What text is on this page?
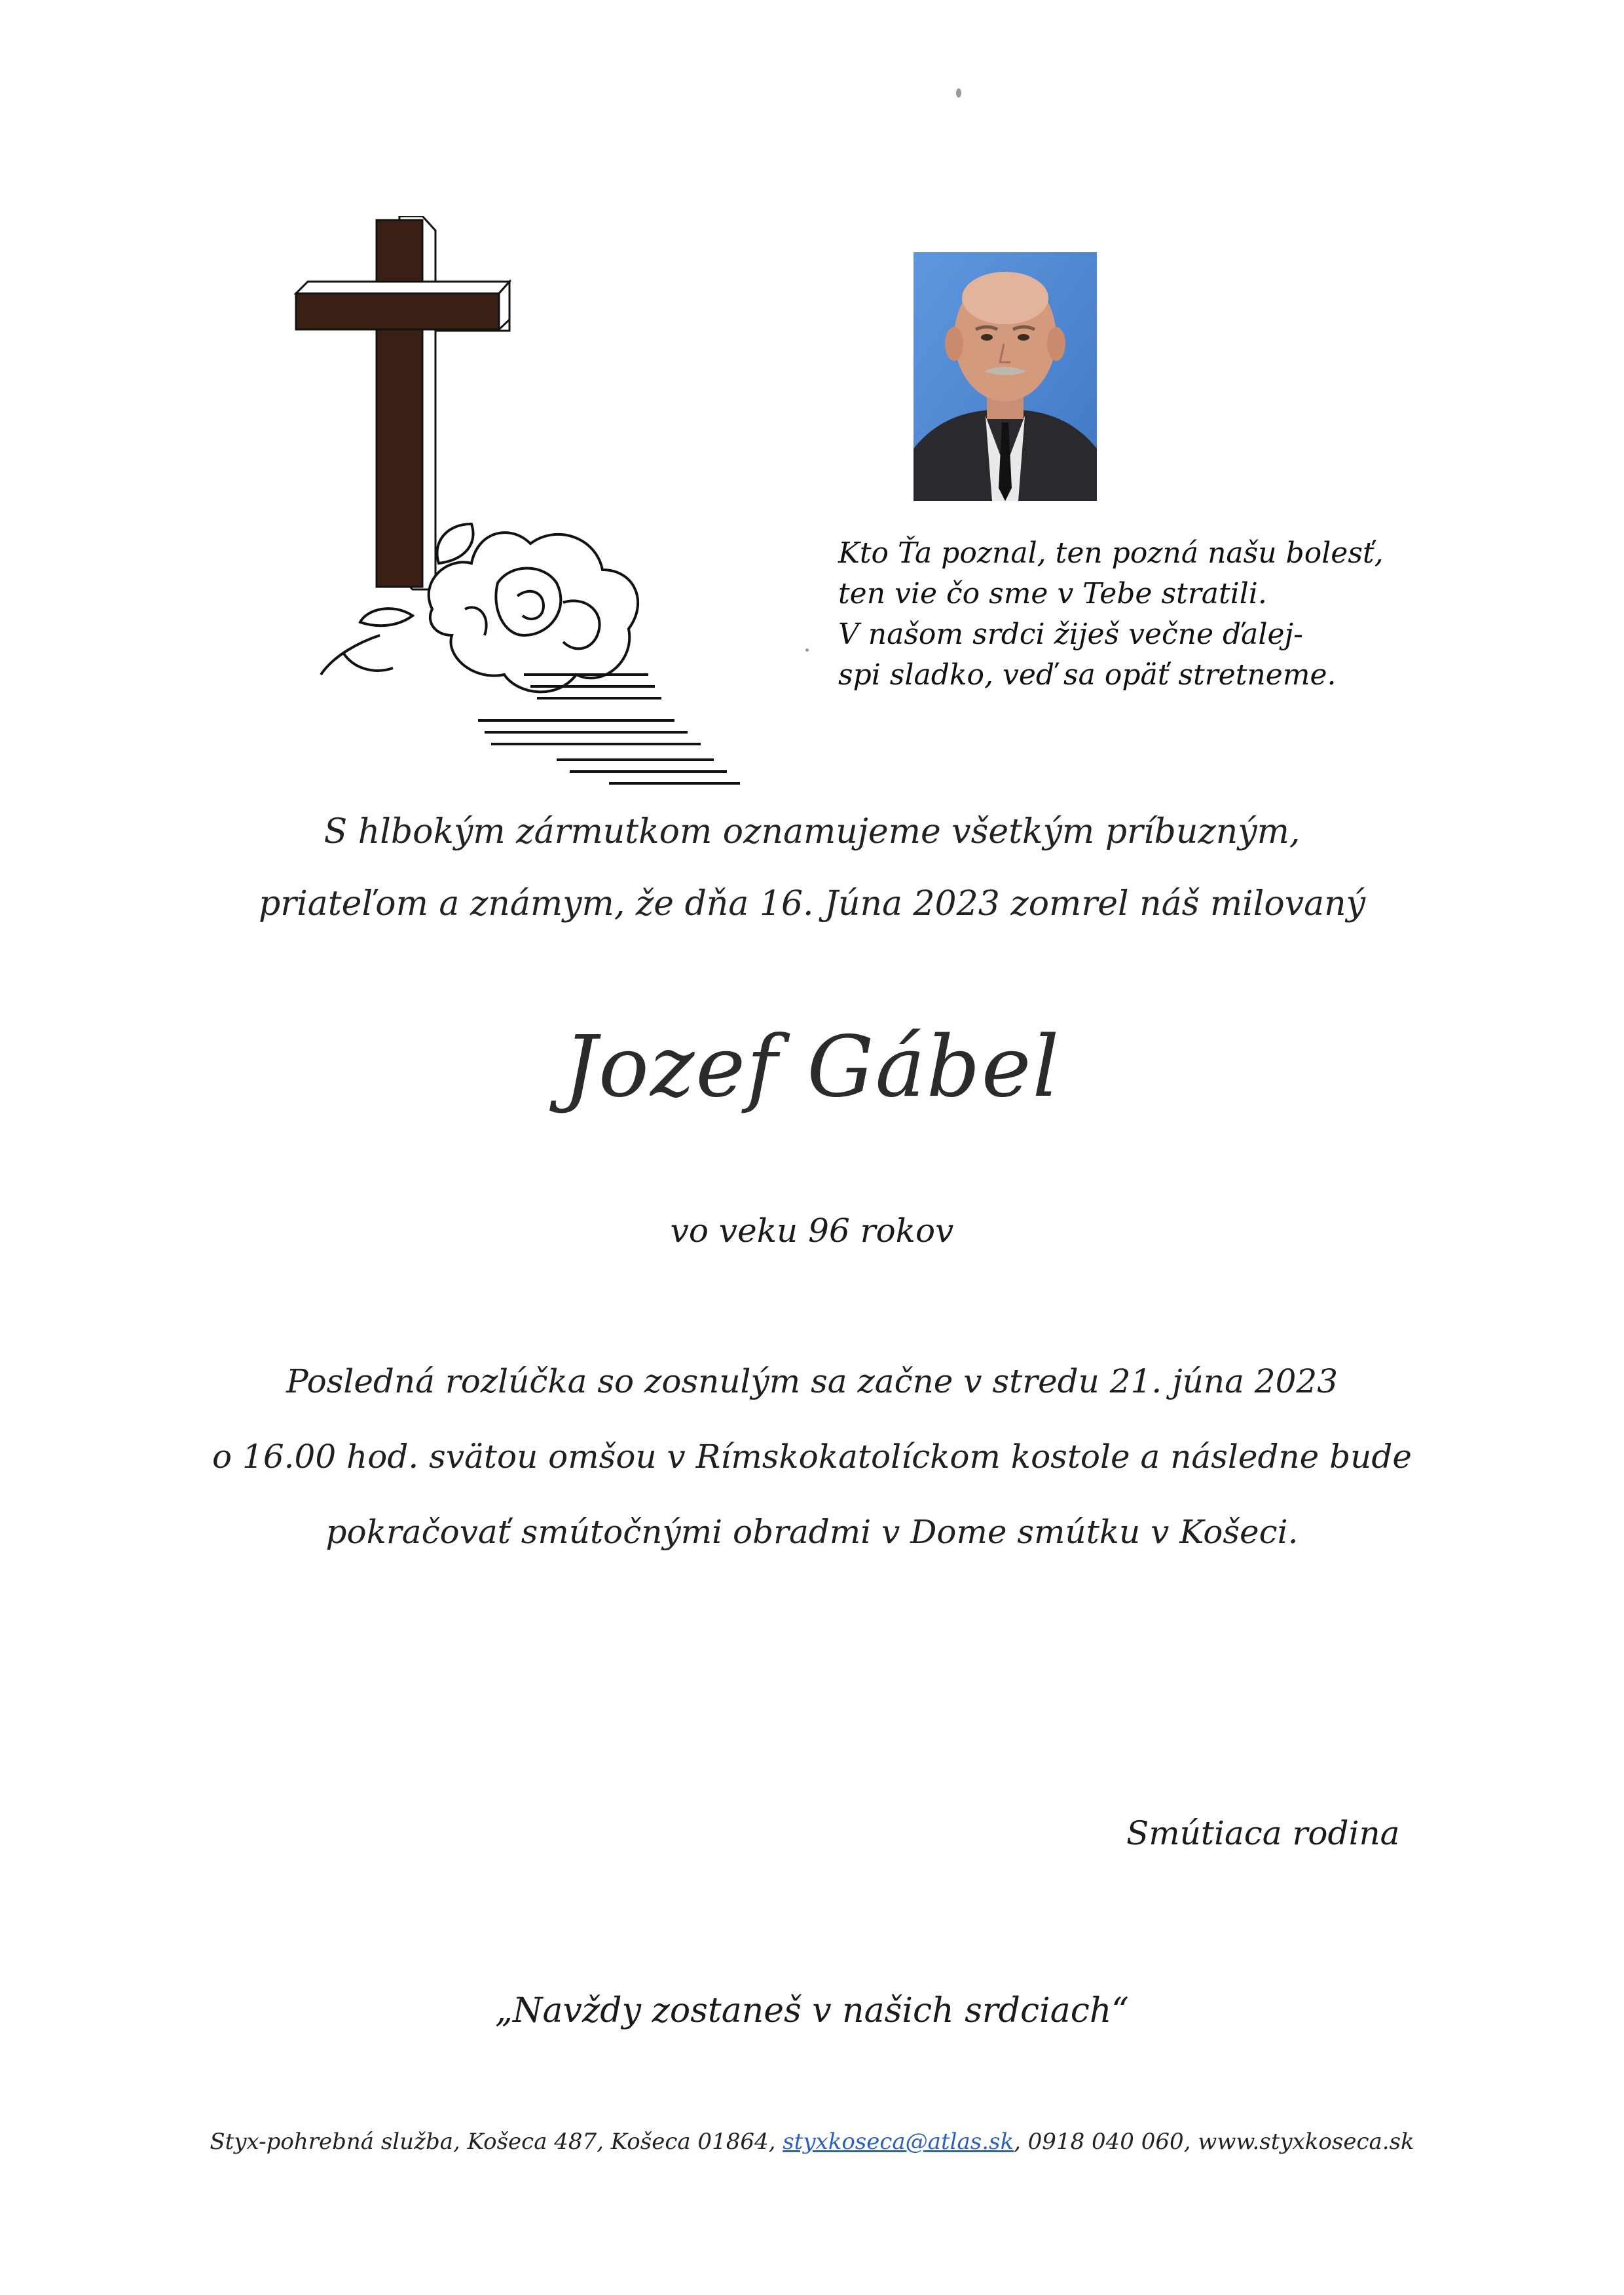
Kto Ťa poznal, ten pozná našu bolesť,
ten vie čo sme v Tebe stratili.
V našom srdci žiješ večne ďalej-
spi sladko, veď sa opäť stretneme.
S hlbokým zármutkom oznamujeme všetkým príbuzným,
priateľom a známym, že dňa 16. Júna 2023 zomrel náš milovaný
Jozef Gábel
vo veku 96 rokov
Posledná rozlúčka so zosnulým sa začne v stredu 21. júna 2023
o 16.00 hod. svätou omšou v Rímskokatolíckom kostole a následne bude
pokračovať smútočnými obradmi v Dome smútku v Košeci.
Smútiaca rodina
„Navždy zostaneš v našich srdciach“
Styx-pohrebná služba, Košeca 487, Košeca 01864, styxkoseca@atlas.sk, 0918 040 060, www.styxkoseca.sk
